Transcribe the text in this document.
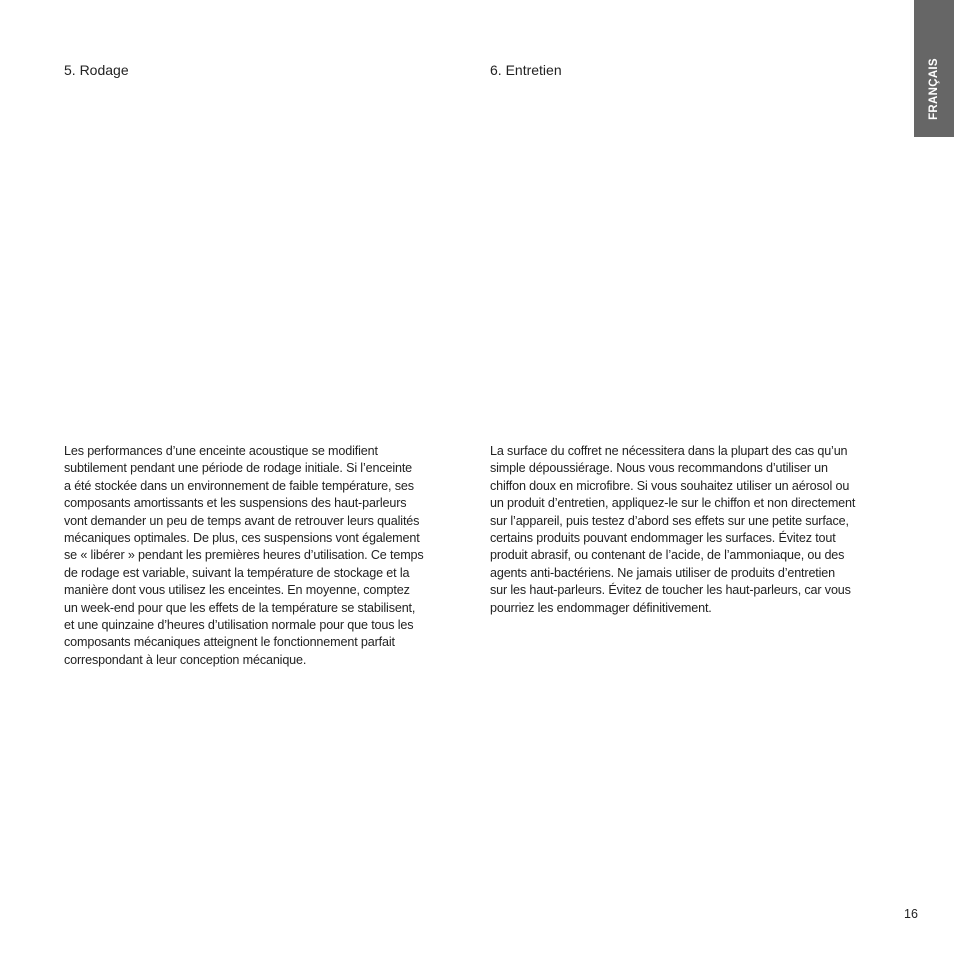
5. Rodage	6. Entretien

Les performances d’une enceinte acoustique se modifient
subtilement pendant une période de rodage initiale. Si l’enceinte
a été stockée dans un environnement de faible température, ses
composants amortissants et les suspensions des haut-parleurs
vont demander un peu de temps avant de retrouver leurs qualités
mécaniques optimales. De plus, ces suspensions vont également
se « libérer » pendant les premières heures d’utilisation. Ce temps
de rodage est variable, suivant la température de stockage et la
manière dont vous utilisez les enceintes. En moyenne, comptez
un week-end pour que les effets de la température se stabilisent,
et une quinzaine d’heures d’utilisation normale pour que tous les
composants mécaniques atteignent le fonctionnement parfait
correspondant à leur conception mécanique.

La surface du coffret ne nécessitera dans la plupart des cas qu’un
simple dépoussiérage. Nous vous recommandons d’utiliser un
chiffon doux en microfibre. Si vous souhaitez utiliser un aérosol ou
un produit d’entretien, appliquez-le sur le chiffon et non directement
sur l’appareil, puis testez d’abord ses effets sur une petite surface,
certains produits pouvant endommager les surfaces. Évitez tout
produit abrasif, ou contenant de l’acide, de l’ammoniaque, ou des
agents anti-bactériens. Ne jamais utiliser de produits d’entretien
sur les haut-parleurs. Évitez de toucher les haut-parleurs, car vous
pourriez les endommager définitivement.

FRANÇAIS
16
